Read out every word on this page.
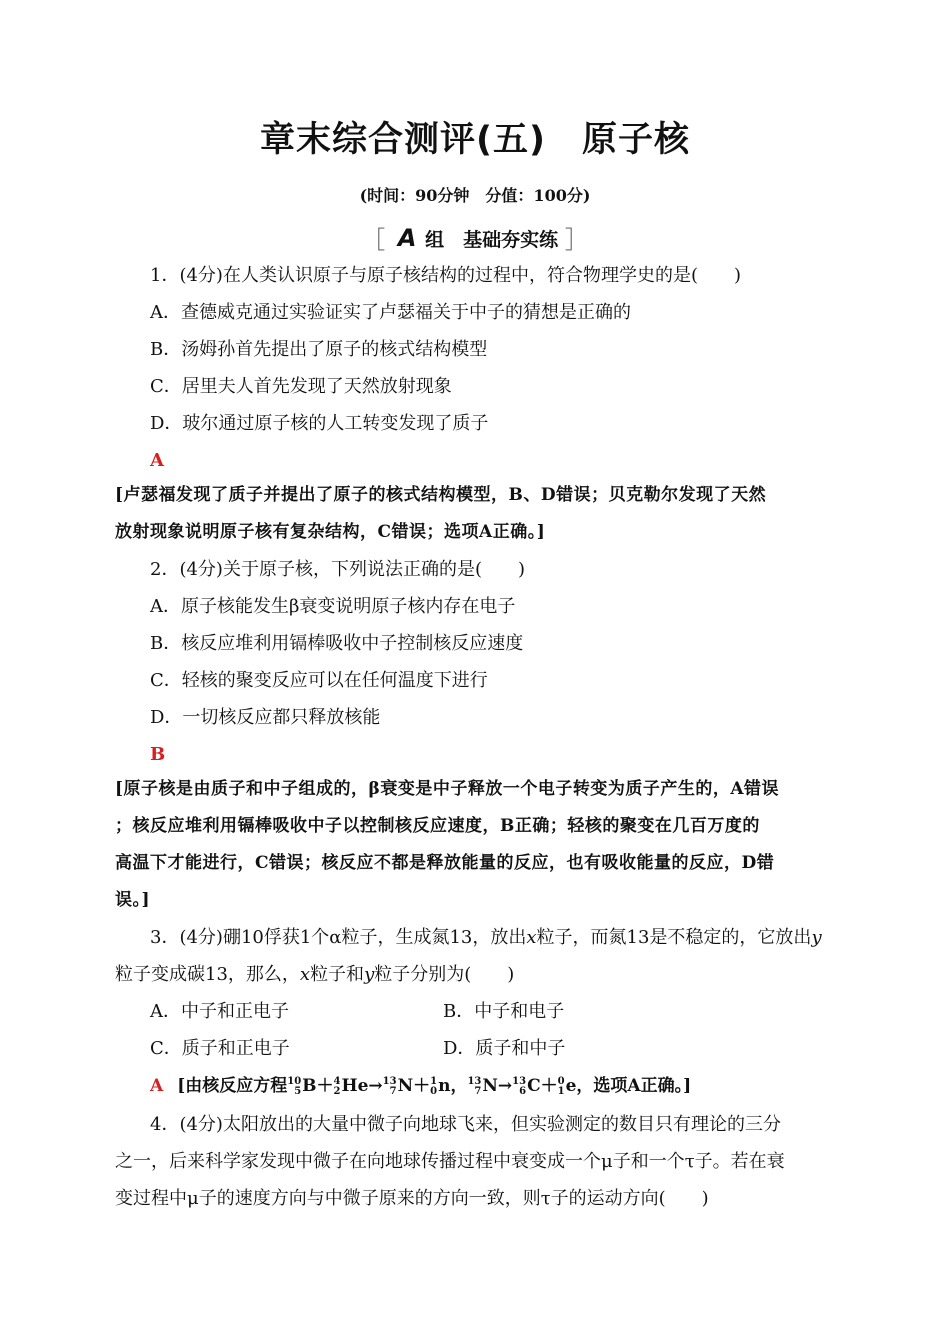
章末综合测评(五)　原子核
(时间：90分钟　分值：100分)
［ A 组　基础夯实练 ］
1．(4分)在人类认识原子与原子核结构的过程中，符合物理学史的是(　　)
A．查德威克通过实验证实了卢瑟福关于中子的猜想是正确的
B．汤姆孙首先提出了原子的核式结构模型
C．居里夫人首先发现了天然放射现象
D．玻尔通过原子核的人工转变发现了质子
A
[卢瑟福发现了质子并提出了原子的核式结构模型，B、D错误；贝克勒尔发现了天然
放射现象说明原子核有复杂结构，C错误；选项A正确。]
2．(4分)关于原子核，下列说法正确的是(　　)
A．原子核能发生β衰变说明原子核内存在电子
B．核反应堆利用镉棒吸收中子控制核反应速度
C．轻核的聚变反应可以在任何温度下进行
D．一切核反应都只释放核能
B
[原子核是由质子和中子组成的，β衰变是中子释放一个电子转变为质子产生的，A错误
；核反应堆利用镉棒吸收中子以控制核反应速度，B正确；轻核的聚变在几百万度的
高温下才能进行，C错误；核反应不都是释放能量的反应，也有吸收能量的反应，D错
误。]
3．(4分)硼10俘获1个α粒子，生成氮13，放出x粒子，而氮13是不稳定的，它放出y
粒子变成碳13，那么，x粒子和y粒子分别为(　　)
A．中子和正电子	B．中子和电子
C．质子和正电子	D．质子和中子
A [由核反应方程 10
5 B＋ 4
2 He→ 13
7 N＋ 1
0 n， 13
7 N→ 13
6 C＋ 0
1 e，选项A正确。]
4．(4分)太阳放出的大量中微子向地球飞来，但实验测定的数目只有理论的三分
之一，后来科学家发现中微子在向地球传播过程中衰变成一个μ子和一个τ子。若在衰
变过程中μ子的速度方向与中微子原来的方向一致，则τ子的运动方向(　　)
